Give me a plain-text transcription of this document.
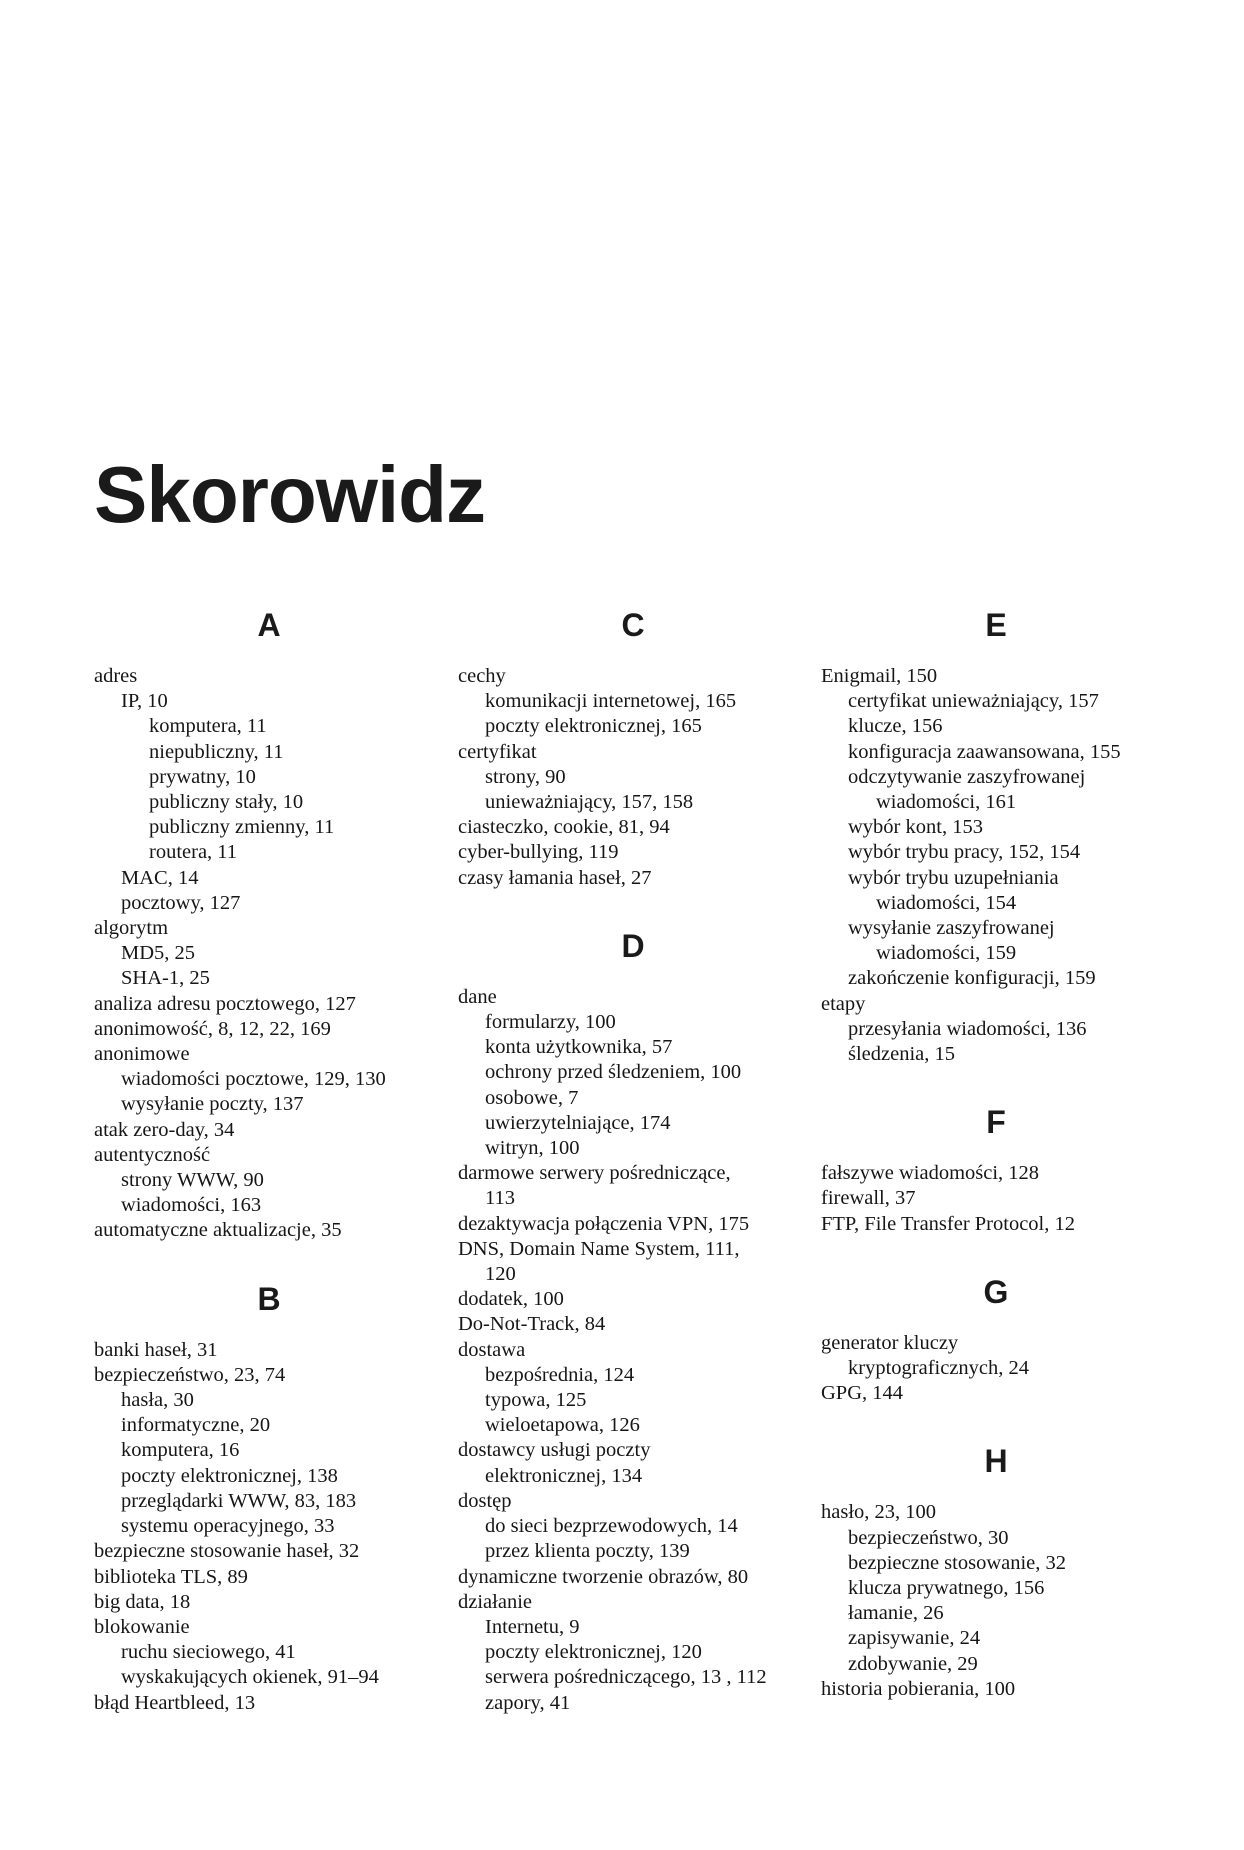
Skorowidz
A
adres
IP, 10
komputera, 11
niepubliczny, 11
prywatny, 10
publiczny stały, 10
publiczny zmienny, 11
routera, 11
MAC, 14
pocztowy, 127
algorytm
MD5, 25
SHA-1, 25
analiza adresu pocztowego, 127
anonimowość, 8, 12, 22, 169
anonimowe
wiadomości pocztowe, 129, 130
wysyłanie poczty, 137
atak zero-day, 34
autentyczność
strony WWW, 90
wiadomości, 163
automatyczne aktualizacje, 35
B
banki haseł, 31
bezpieczeństwo, 23, 74
hasła, 30
informatyczne, 20
komputera, 16
poczty elektronicznej, 138
przeglądarki WWW, 83, 183
systemu operacyjnego, 33
bezpieczne stosowanie haseł, 32
biblioteka TLS, 89
big data, 18
blokowanie
ruchu sieciowego, 41
wyskakujących okienek, 91–94
błąd Heartbleed, 13
C
cechy
komunikacji internetowej, 165
poczty elektronicznej, 165
certyfikat
strony, 90
unieważniający, 157, 158
ciasteczko, cookie, 81, 94
cyber-bullying, 119
czasy łamania haseł, 27
D
dane
formularzy, 100
konta użytkownika, 57
ochrony przed śledzeniem, 100
osobowe, 7
uwierzytelniające, 174
witryn, 100
darmowe serwery pośredniczące,
113
dezaktywacja połączenia VPN, 175
DNS, Domain Name System, 111,
120
dodatek, 100
Do-Not-Track, 84
dostawa
bezpośrednia, 124
typowa, 125
wieloetapowa, 126
dostawcy usługi poczty
elektronicznej, 134
dostęp
do sieci bezprzewodowych, 14
przez klienta poczty, 139
dynamiczne tworzenie obrazów, 80
działanie
Internetu, 9
poczty elektronicznej, 120
serwera pośredniczącego, 13 , 112
zapory, 41
E
Enigmail, 150
certyfikat unieważniający, 157
klucze, 156
konfiguracja zaawansowana, 155
odczytywanie zaszyfrowanej
wiadomości, 161
wybór kont, 153
wybór trybu pracy, 152, 154
wybór trybu uzupełniania
wiadomości, 154
wysyłanie zaszyfrowanej
wiadomości, 159
zakończenie konfiguracji, 159
etapy
przesyłania wiadomości, 136
śledzenia, 15
F
fałszywe wiadomości, 128
firewall, 37
FTP, File Transfer Protocol, 12
G
generator kluczy
kryptograficznych, 24
GPG, 144
H
hasło, 23, 100
bezpieczeństwo, 30
bezpieczne stosowanie, 32
klucza prywatnego, 156
łamanie, 26
zapisywanie, 24
zdobywanie, 29
historia pobierania, 100
